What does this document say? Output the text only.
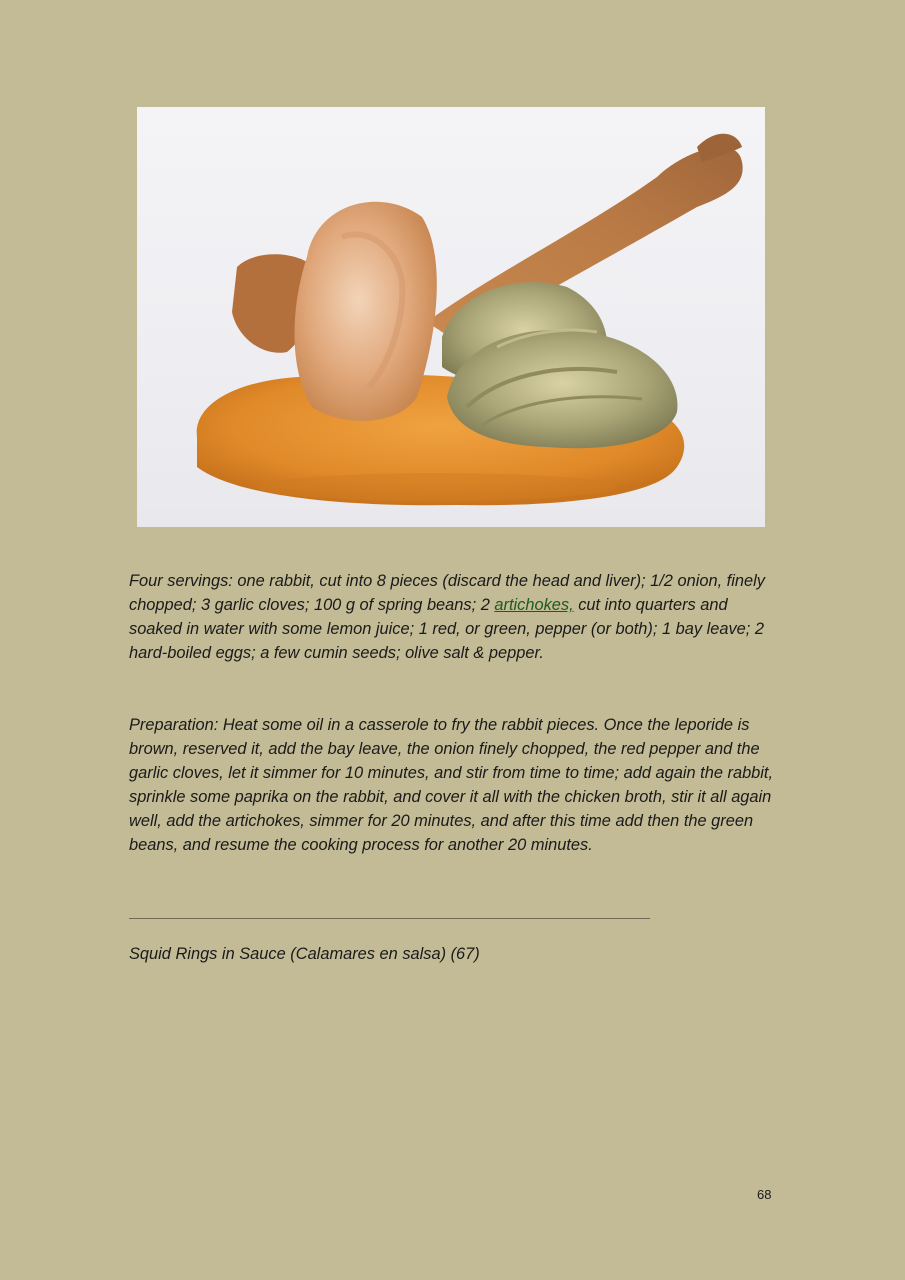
Four servings: one rabbit, cut into 8 pieces (discard the head and liver); 1/2 onion, finely chopped; 3 garlic cloves; 100 g of spring beans; 2 artichokes, cut into quarters and soaked in water with some lemon juice; 1 red, or green, pepper (or both); 1 bay leave; 2 hard-boiled eggs; a few cumin seeds; olive salt & pepper.
Preparation: Heat some oil in a casserole to fry the rabbit pieces. Once the leporide is brown, reserved it, add the bay leave, the onion finely chopped, the red pepper and the garlic cloves, let it simmer for 10 minutes, and stir from time to time; add again the rabbit, sprinkle some paprika on the rabbit, and cover it all with the chicken broth, stir it all again well, add the artichokes, simmer for 20 minutes, and after this time add then the green beans, and resume the cooking process for another 20 minutes.
Squid Rings in Sauce (Calamares en salsa) (67)
68
